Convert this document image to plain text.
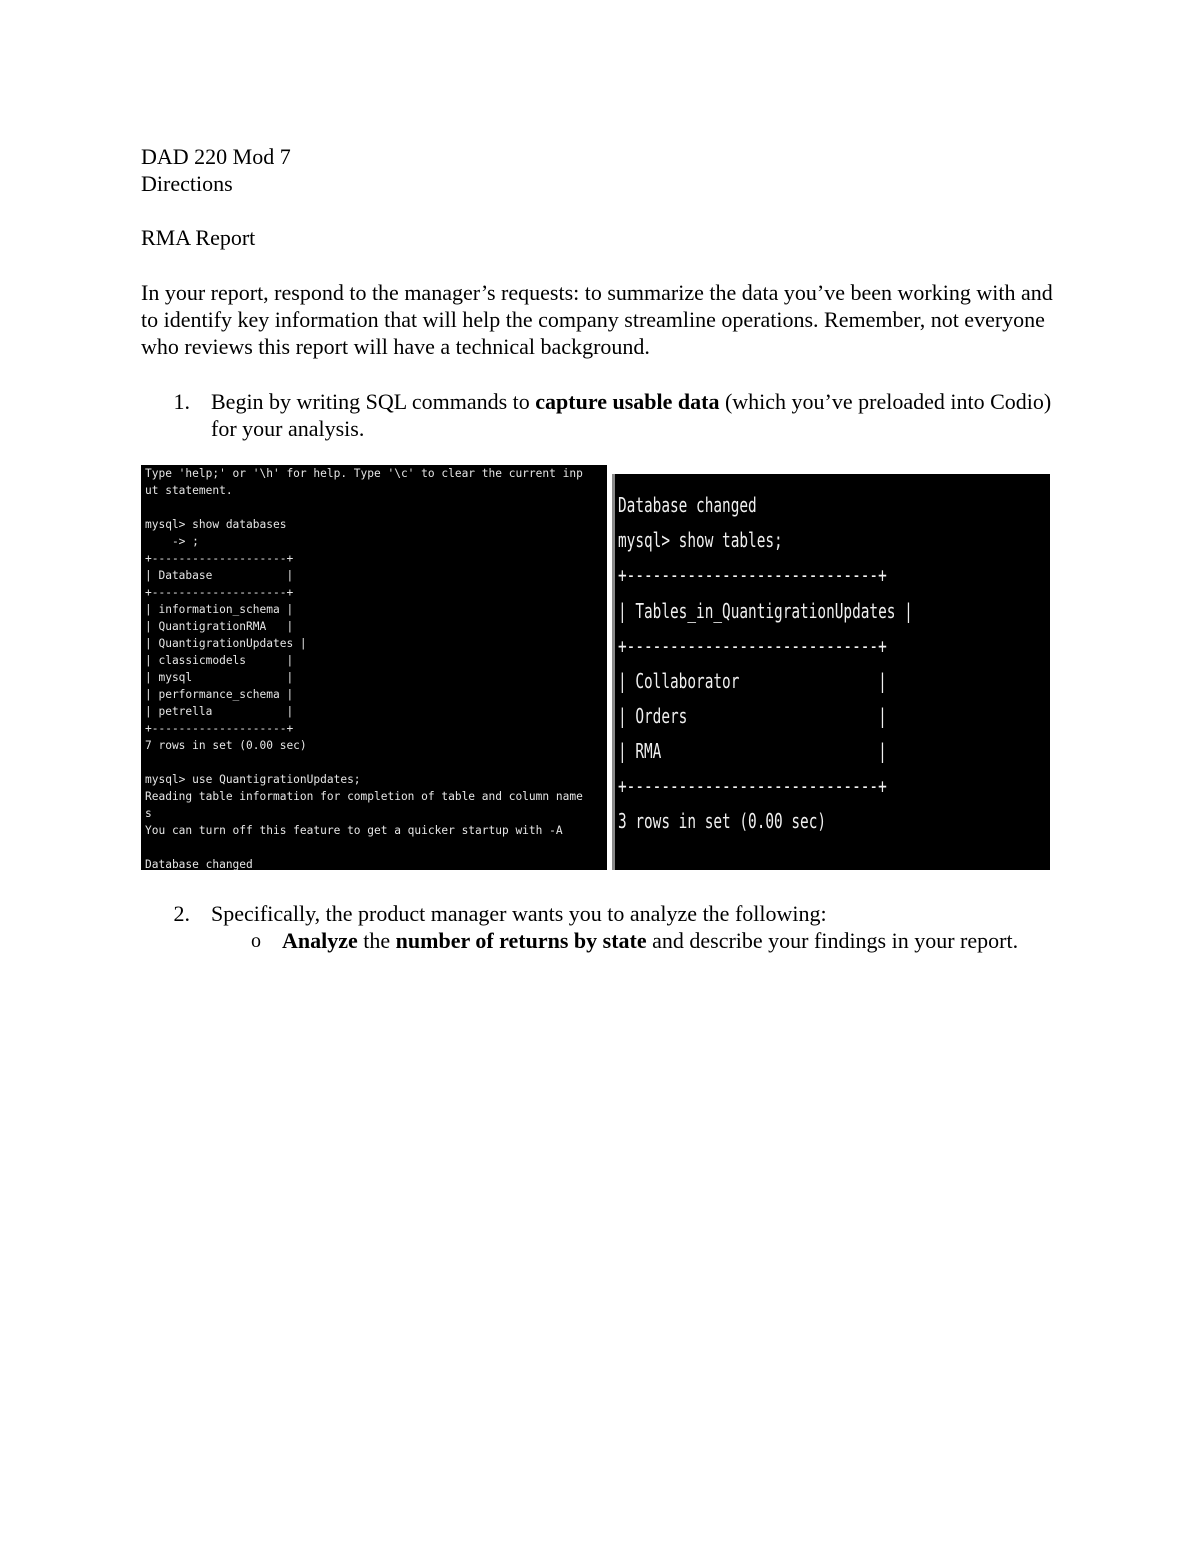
DAD 220 Mod 7
Directions
RMA Report
In your report, respond to the manager’s requests: to summarize the data you’ve been working with and to identify key information that will help the company streamline operations. Remember, not everyone who reviews this report will have a technical background.
1. Begin by writing SQL commands to capture usable data (which you’ve preloaded into Codio) for your analysis.
Type 'help;' or '\h' for help. Type '\c' to clear the current inp
ut statement.
mysql> show databases
-> ;
+--------------------+
| Database           |
+--------------------+
| information_schema |
| QuantigrationRMA   |
| QuantigrationUpdates |
| classicmodels      |
| mysql              |
| performance_schema |
| petrella           |
+--------------------+
7 rows in set (0.00 sec)
mysql> use QuantigrationUpdates;
Reading table information for completion of table and column name
s
You can turn off this feature to get a quicker startup with -A
Database changed
Database changed
mysql> show tables;
+-----------------------------+
| Tables_in_QuantigrationUpdates |
+-----------------------------+
| Collaborator                |
| Orders                      |
| RMA                         |
+-----------------------------+
3 rows in set (0.00 sec)
2. Specifically, the product manager wants you to analyze the following:
o Analyze the number of returns by state and describe your findings in your report.
